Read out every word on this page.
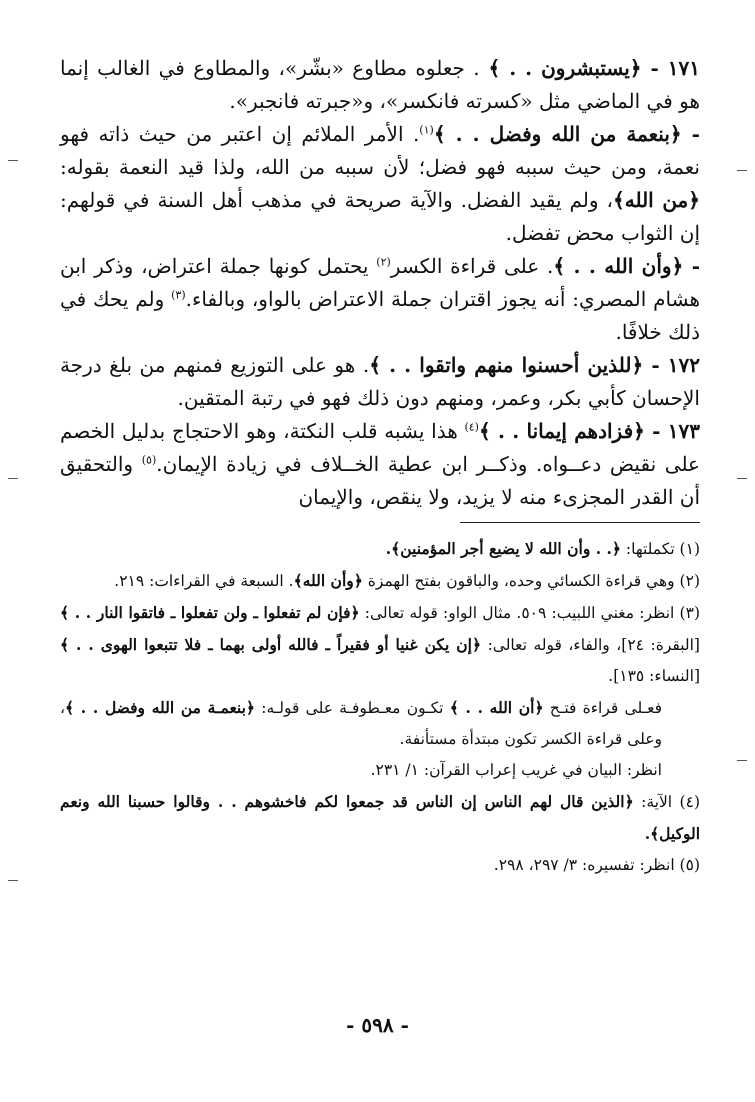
١٧١ - ﴿يستبشرون . . ﴾ . جعلوه مطاوع «بشّر»، والمطاوع في الغالب إنما هو في الماضي مثل «كسرته فانكسر»، و«جبرته فانجبر».

- ﴿بنعمة من الله وفضل . . ﴾$^{(١)}$. الأمر الملائم إن اعتبر من حيث ذاته فهو نعمة، ومن حيث سببه فهو فضل؛ لأن سببه من الله، ولذا قيد النعمة بقوله: ﴿من الله﴾، ولم يقيد الفضل. والآية صريحة في مذهب أهل السنة في قولهم: إن الثواب محض تفضل.

- ﴿وأن الله . . ﴾. على قراءة الكسر$^{(٢)}$ يحتمل كونها جملة اعتراض، وذكر ابن هشام المصري: أنه يجوز اقتران جملة الاعتراض بالواو، وبالفاء.$^{(٣)}$ ولم يحك في ذلك خلافًا.

١٧٢ - ﴿للذين أحسنوا منهم واتقوا . . ﴾. هو على التوزيع فمنهم من بلغ درجة الإحسان كأبي بكر، وعمر، ومنهم دون ذلك فهو في رتبة المتقين.

١٧٣ - ﴿فزادهم إيمانا . . ﴾$^{(٤)}$ هذا يشبه قلب النكتة، وهو الاحتجاج بدليل الخصم على نقيض دعــواه. وذكــر ابن عطية الخــلاف في زيادة الإيمان.$^{(٥)}$ والتحقيق أن القدر المجزىء منه لا يزيد، ولا ينقص، والإيمان

(١) تكملتها: ﴿. . وأن الله لا يضيع أجر المؤمنين﴾.

(٢) وهي قراءة الكسائي وحده، والباقون بفتح الهمزة ﴿وأن الله﴾. السبعة في القراءات: ٢١٩.

(٣) انظر: مغني اللبيب: ٥٠٩. مثال الواو: قوله تعالى: ﴿فإن لم تفعلوا ـ ولن تفعلوا ـ فاتقوا النار . . ﴾ [البقرة: ٢٤]، والفاء، قوله تعالى: ﴿إن يكن غنيا أو فقيراً ـ فالله أولى بهما ـ فلا تتبعوا الهوى . . ﴾ [النساء: ١٣٥].

فعـلى قراءة فتـح ﴿أن الله . . ﴾ تكـون معـطوفـة على قولـه: ﴿بنعمـة من الله وفضل . . ﴾، وعلى قراءة الكسر تكون مبتدأة مستأنفة.

انظر: البيان في غريب إعراب القرآن: ١/ ٢٣١.

(٤) الآية: ﴿الذين قال لهم الناس إن الناس قد جمعوا لكم فاخشوهم . . وقالوا حسبنا الله ونعم الوكيل﴾.

(٥) انظر: تفسيره: ٣/ ٢٩٧، ٢٩٨.

- ٥٩٨ -
